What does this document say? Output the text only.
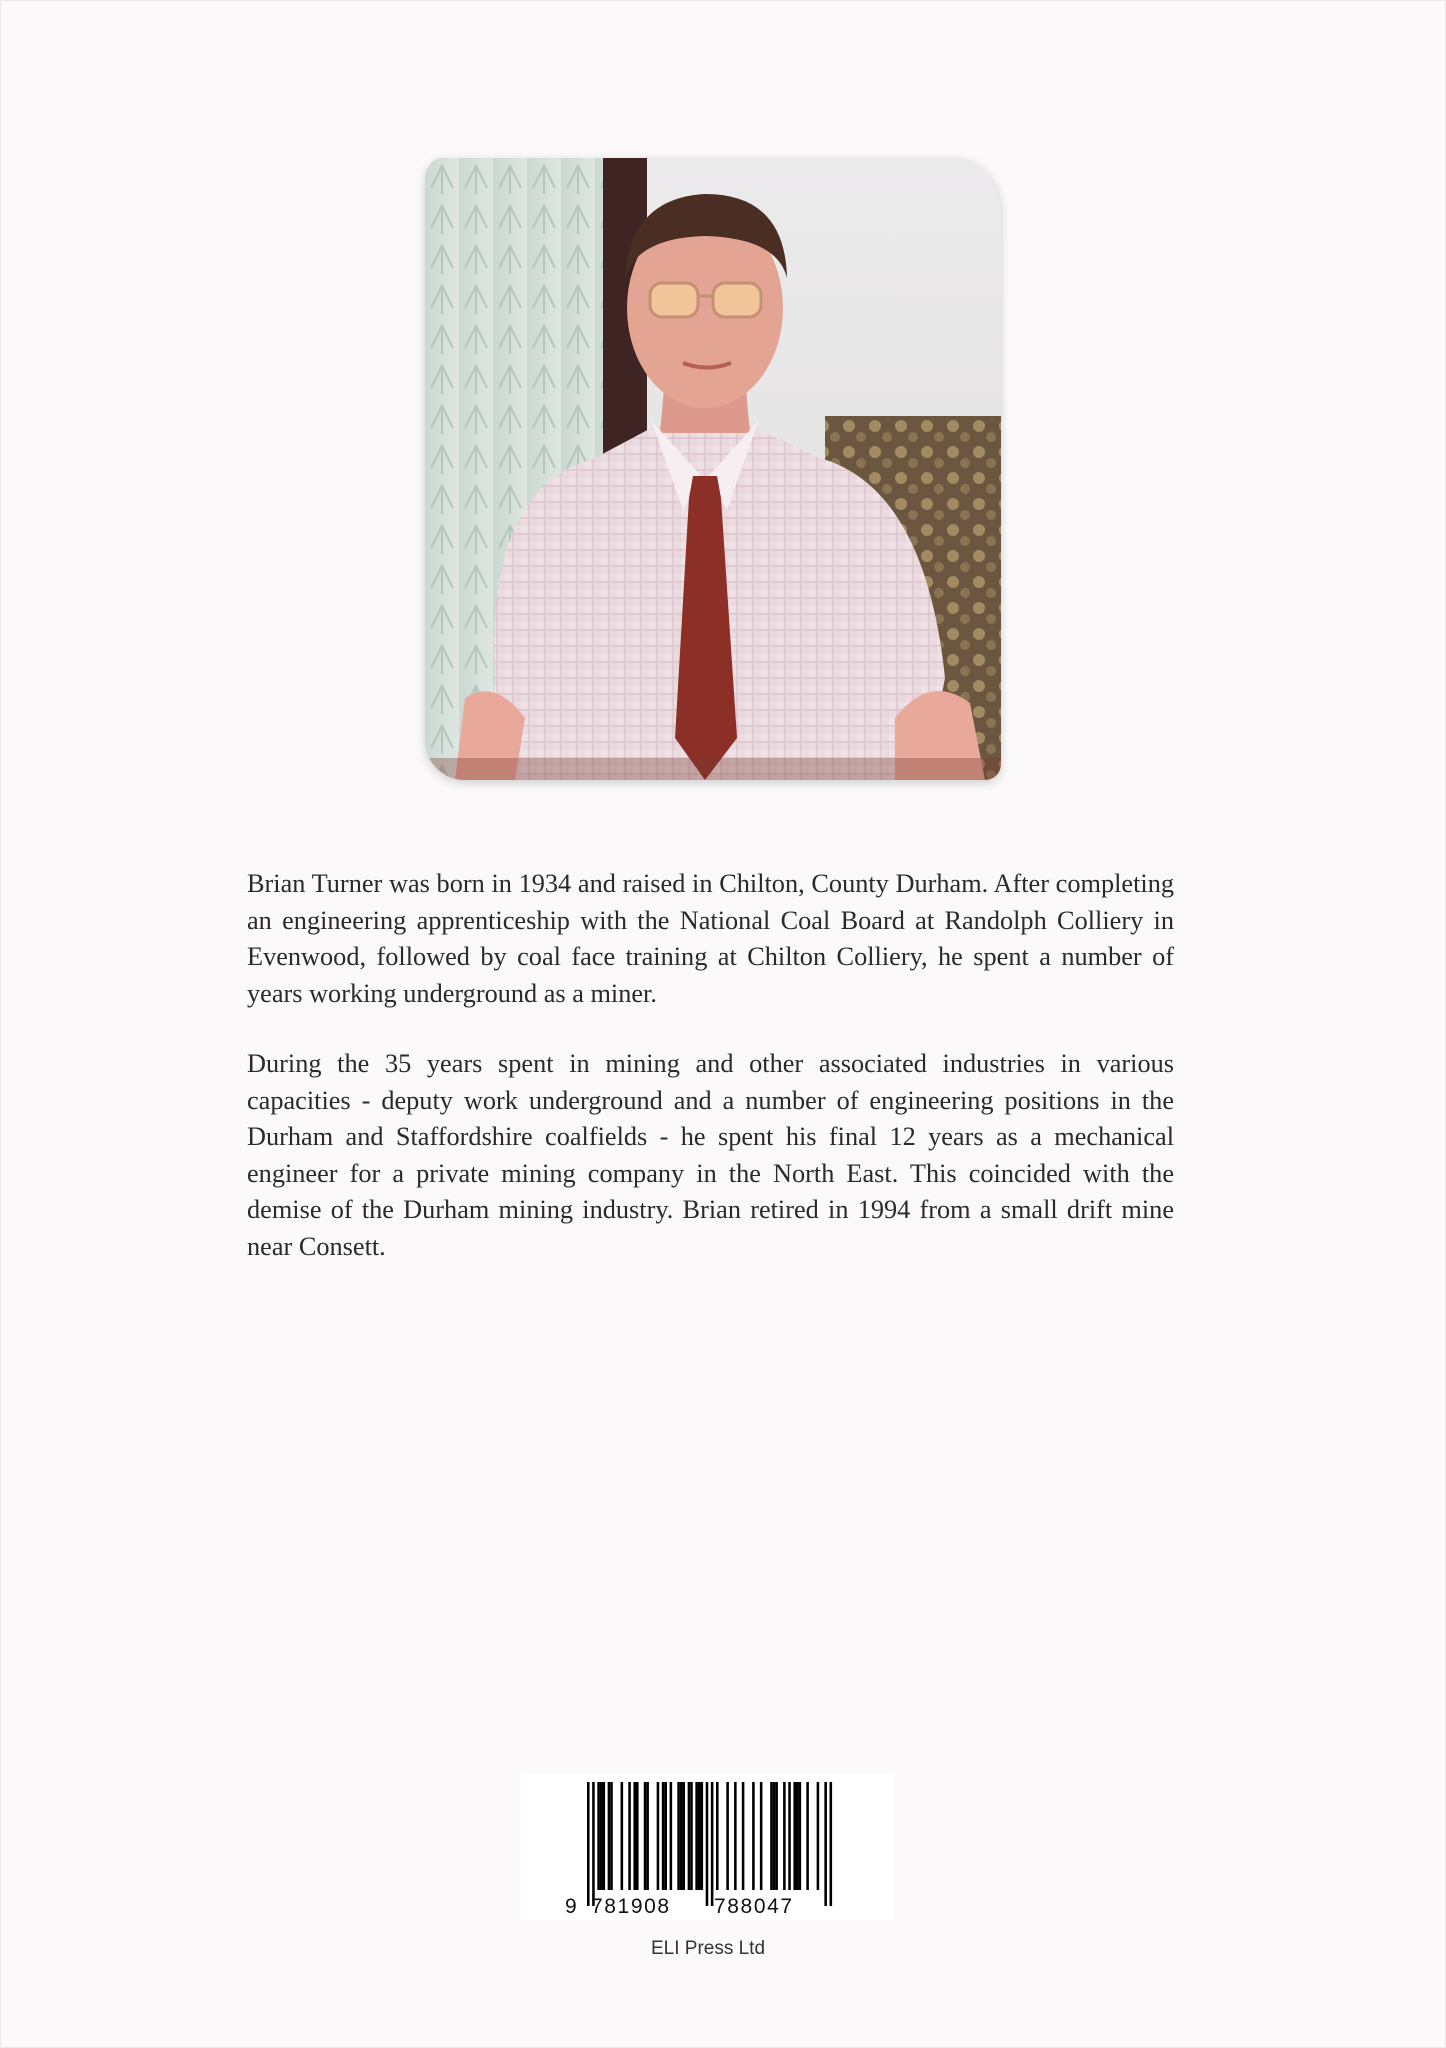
Brian Turner was born in 1934 and raised in Chilton, County Durham. After completing an engineering apprenticeship with the National Coal Board at Randolph Colliery in Evenwood, followed by coal face training at Chilton Colliery, he spent a number of years working underground as a miner.

During the 35 years spent in mining and other associated industries in various capacities - deputy work underground and a number of engineering positions in the Durham and Staffordshire coalfields - he spent his final 12 years as a mechanical engineer for a private mining company in the North East. This coincided with the demise of the Durham mining industry. Brian retired in 1994 from a small drift mine near Consett.

9 781908 788047
ELI Press Ltd
